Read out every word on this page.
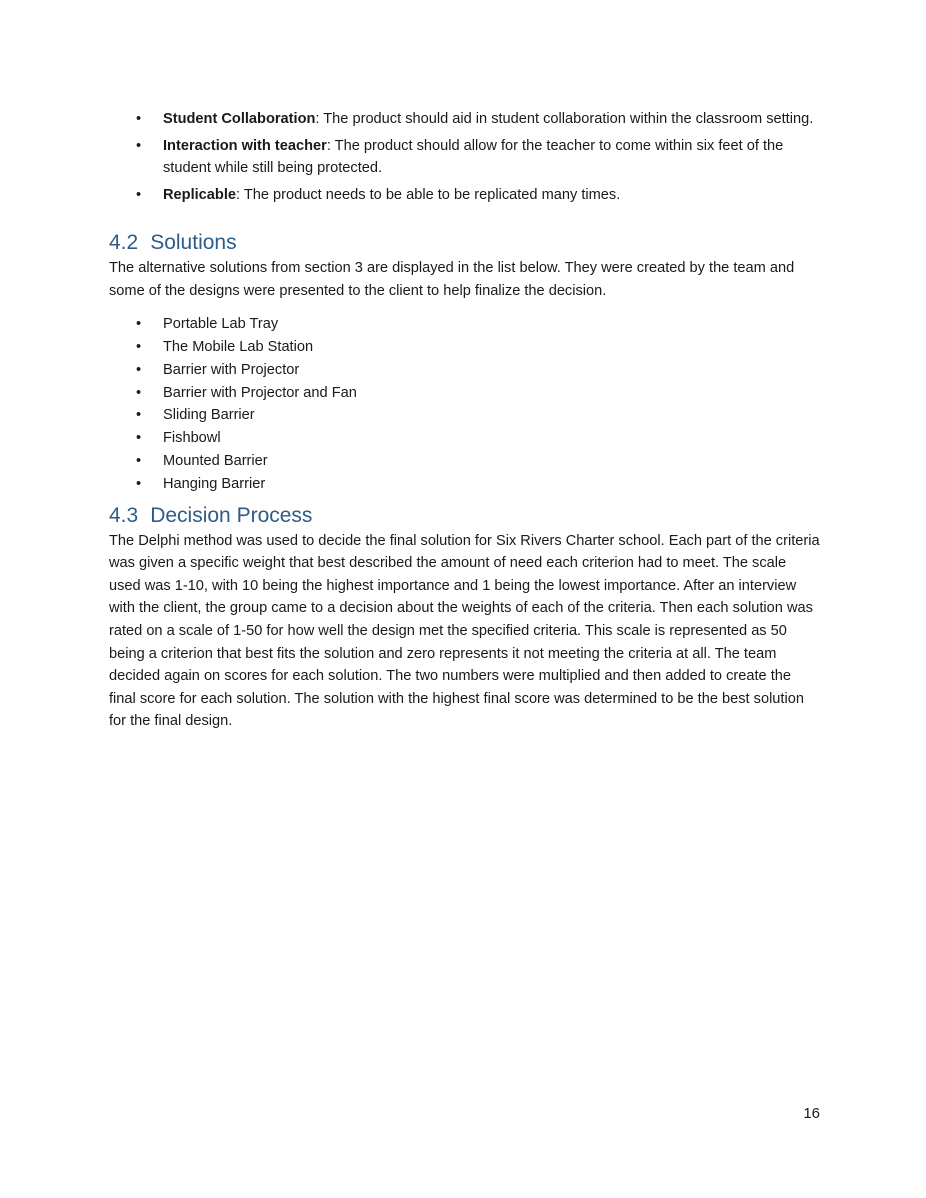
• Student Collaboration: The product should aid in student collaboration within the classroom setting.
• Interaction with teacher: The product should allow for the teacher to come within six feet of the student while still being protected.
• Replicable: The product needs to be able to be replicated many times.
4.2 Solutions

The alternative solutions from section 3 are displayed in the list below. They were created by the team and some of the designs were presented to the client to help finalize the decision.

• Portable Lab Tray
• The Mobile Lab Station
• Barrier with Projector
• Barrier with Projector and Fan
• Sliding Barrier
• Fishbowl
• Mounted Barrier
• Hanging Barrier
4.3 Decision Process

The Delphi method was used to decide the final solution for Six Rivers Charter school. Each part of the criteria was given a specific weight that best described the amount of need each criterion had to meet. The scale used was 1-10, with 10 being the highest importance and 1 being the lowest importance. After an interview with the client, the group came to a decision about the weights of each of the criteria. Then each solution was rated on a scale of 1-50 for how well the design met the specified criteria. This scale is represented as 50 being a criterion that best fits the solution and zero represents it not meeting the criteria at all. The team decided again on scores for each solution. The two numbers were multiplied and then added to create the final score for each solution. The solution with the highest final score was determined to be the best solution for the final design.

16
